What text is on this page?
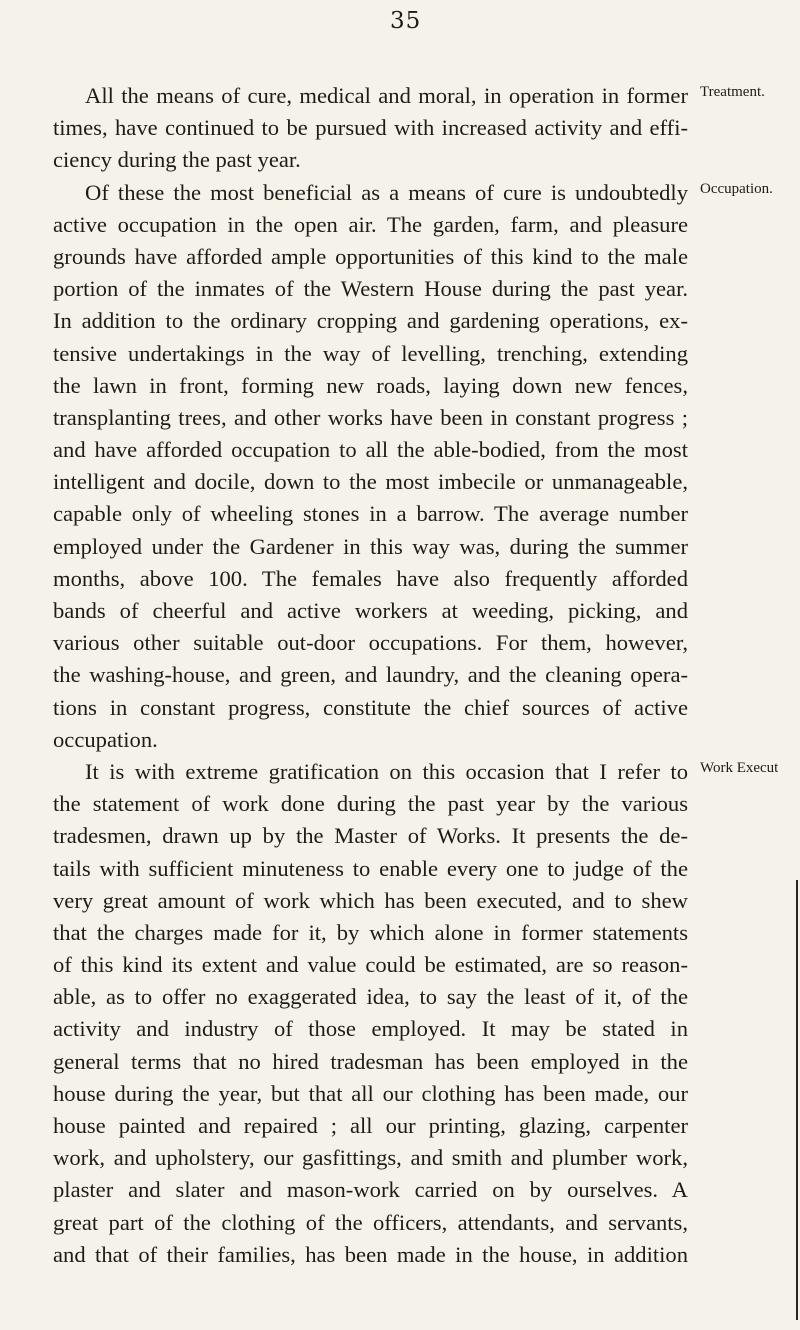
35
All the means of cure, medical and moral, in operation in former
times, have continued to be pursued with increased activity and effi-
ciency during the past year.
Of these the most beneficial as a means of cure is undoubtedly
active occupation in the open air. The garden, farm, and pleasure
grounds have afforded ample opportunities of this kind to the male
portion of the inmates of the Western House during the past year.
In addition to the ordinary cropping and gardening operations, ex-
tensive undertakings in the way of levelling, trenching, extending
the lawn in front, forming new roads, laying down new fences,
transplanting trees, and other works have been in constant progress ;
and have afforded occupation to all the able-bodied, from the most
intelligent and docile, down to the most imbecile or unmanageable,
capable only of wheeling stones in a barrow. The average number
employed under the Gardener in this way was, during the summer
months, above 100. The females have also frequently afforded
bands of cheerful and active workers at weeding, picking, and
various other suitable out-door occupations. For them, however,
the washing-house, and green, and laundry, and the cleaning opera-
tions in constant progress, constitute the chief sources of active
occupation.
It is with extreme gratification on this occasion that I refer to
the statement of work done during the past year by the various
tradesmen, drawn up by the Master of Works. It presents the de-
tails with sufficient minuteness to enable every one to judge of the
very great amount of work which has been executed, and to shew
that the charges made for it, by which alone in former statements
of this kind its extent and value could be estimated, are so reason-
able, as to offer no exaggerated idea, to say the least of it, of the
activity and industry of those employed. It may be stated in
general terms that no hired tradesman has been employed in the
house during the year, but that all our clothing has been made, our
house painted and repaired ; all our printing, glazing, carpenter
work, and upholstery, our gasfittings, and smith and plumber work,
plaster and slater and mason-work carried on by ourselves. A
great part of the clothing of the officers, attendants, and servants,
and that of their families, has been made in the house, in addition
Treatment.
Occupation.
Work Execut
